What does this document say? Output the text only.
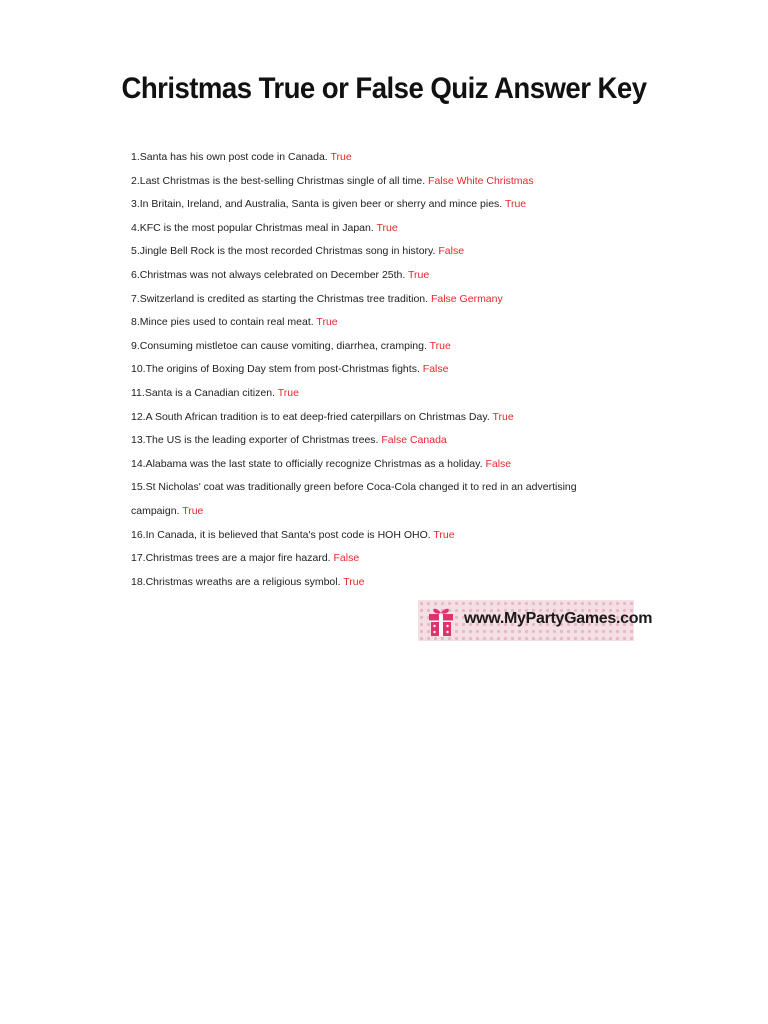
Christmas True or False Quiz Answer Key
1.Santa has his own post code in Canada. True
2.Last Christmas is the best-selling Christmas single of all time. False White Christmas
3.In Britain, Ireland, and Australia, Santa is given beer or sherry and mince pies. True
4.KFC is the most popular Christmas meal in Japan. True
5.Jingle Bell Rock is the most recorded Christmas song in history. False
6.Christmas was not always celebrated on December 25th. True
7.Switzerland is credited as starting the Christmas tree tradition. False Germany
8.Mince pies used to contain real meat. True
9.Consuming mistletoe can cause vomiting, diarrhea, cramping. True
10.The origins of Boxing Day stem from post-Christmas fights. False
11.Santa is a Canadian citizen. True
12.A South African tradition is to eat deep-fried caterpillars on Christmas Day. True
13.The US is the leading exporter of Christmas trees. False Canada
14.Alabama was the last state to officially recognize Christmas as a holiday. False
15.St Nicholas' coat was traditionally green before Coca-Cola changed it to red in an advertising campaign. True
16.In Canada, it is believed that Santa's post code is HOH OHO. True
17.Christmas trees are a major fire hazard. False
18.Christmas wreaths are a religious symbol. True
www.MyPartyGames.com
